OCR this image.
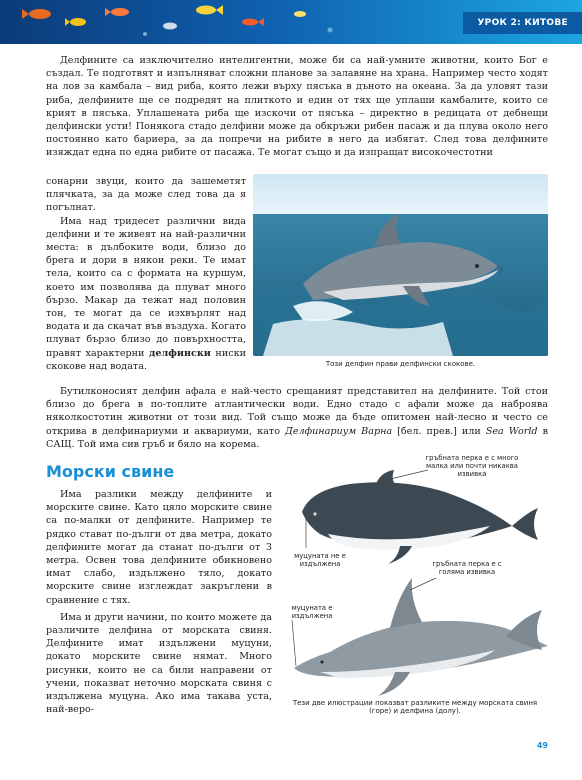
УРОК 2: КИТОВЕ

Делфините са изключително интелигентни, може би са най-умните животни, които Бог е създал. Те подготвят и изпълняват сложни планове за залавяне на храна. Например често ходят на лов за камбала – вид риба, която лежи върху пясъка в дъното на океана. За да уловят тази риба, делфините ще се подредят на плиткото и един от тях ще уплаши камбалите, които се крият в пясъка. Уплашената риба ще изскочи от пясъка – директно в редицата от дебнещи делфински усти! Понякога стадо делфини може да обкръжи рибен пасаж и да плува около него постоянно като бариера, за да попречи на рибите в него да избягат. След това делфините изяждат една по една рибите от пасажа. Те могат също и да изпращат високочестотни

сонарни звуци, които да зашеметят плячката, за да може след това да я погълнат.

Има над тридесет различни вида делфини и те живеят на най-различни места: в дълбоките води, близо до брега и дори в някои реки. Те имат тела, които са с формата на куршум, което им позволява да плуват много бързо. Макар да тежат над половин тон, те могат да се изхвърлят над водата и да скачат във въздуха. Когато плуват бързо близо до повърхността, правят характерни делфински ниски скокове над водата.	Този делфин прави делфински скокове.

Бутилконосият делфин афала е най-често срещаният представител на делфините. Той стои близо до брега в по-топлите атлантически води. Едно стадо с афали може да наброява няколкостотин животни от този вид. Той също може да бъде опитомен най-лесно и често се открива в делфинариуми и аквариуми, като Делфинариум Варна [бел. прев.] или Sea World в САЩ. Той има сив гръб и бяло на корема.

Морски свине

Има разлики между делфините и морските свине. Като цяло морските свине са по-малки от делфините. Например те рядко стават по-дълги от два метра, докато делфините могат да станат по-дълги от 3 метра. Освен това делфините обикновено имат слабо, издължено тяло, докато морските свине изглеждат закръглени в сравнение с тях.

Има и други начини, по които можете да различите делфина от морската свиня. Делфините имат издължени муцуни, докато морските свине нямат. Много рисунки, които не са били направени от учени, показват неточно морската свиня с издължена муцуна. Ако има такава уста, най-веро-

гръбната перка е с много малка или почти никаква извивка
муцуната не е издължена	гръбната перка е с голяма извивка
муцуната е издължена
Тези две илюстрации показват разликите между морската свиня (горе) и делфина (долу).
49
